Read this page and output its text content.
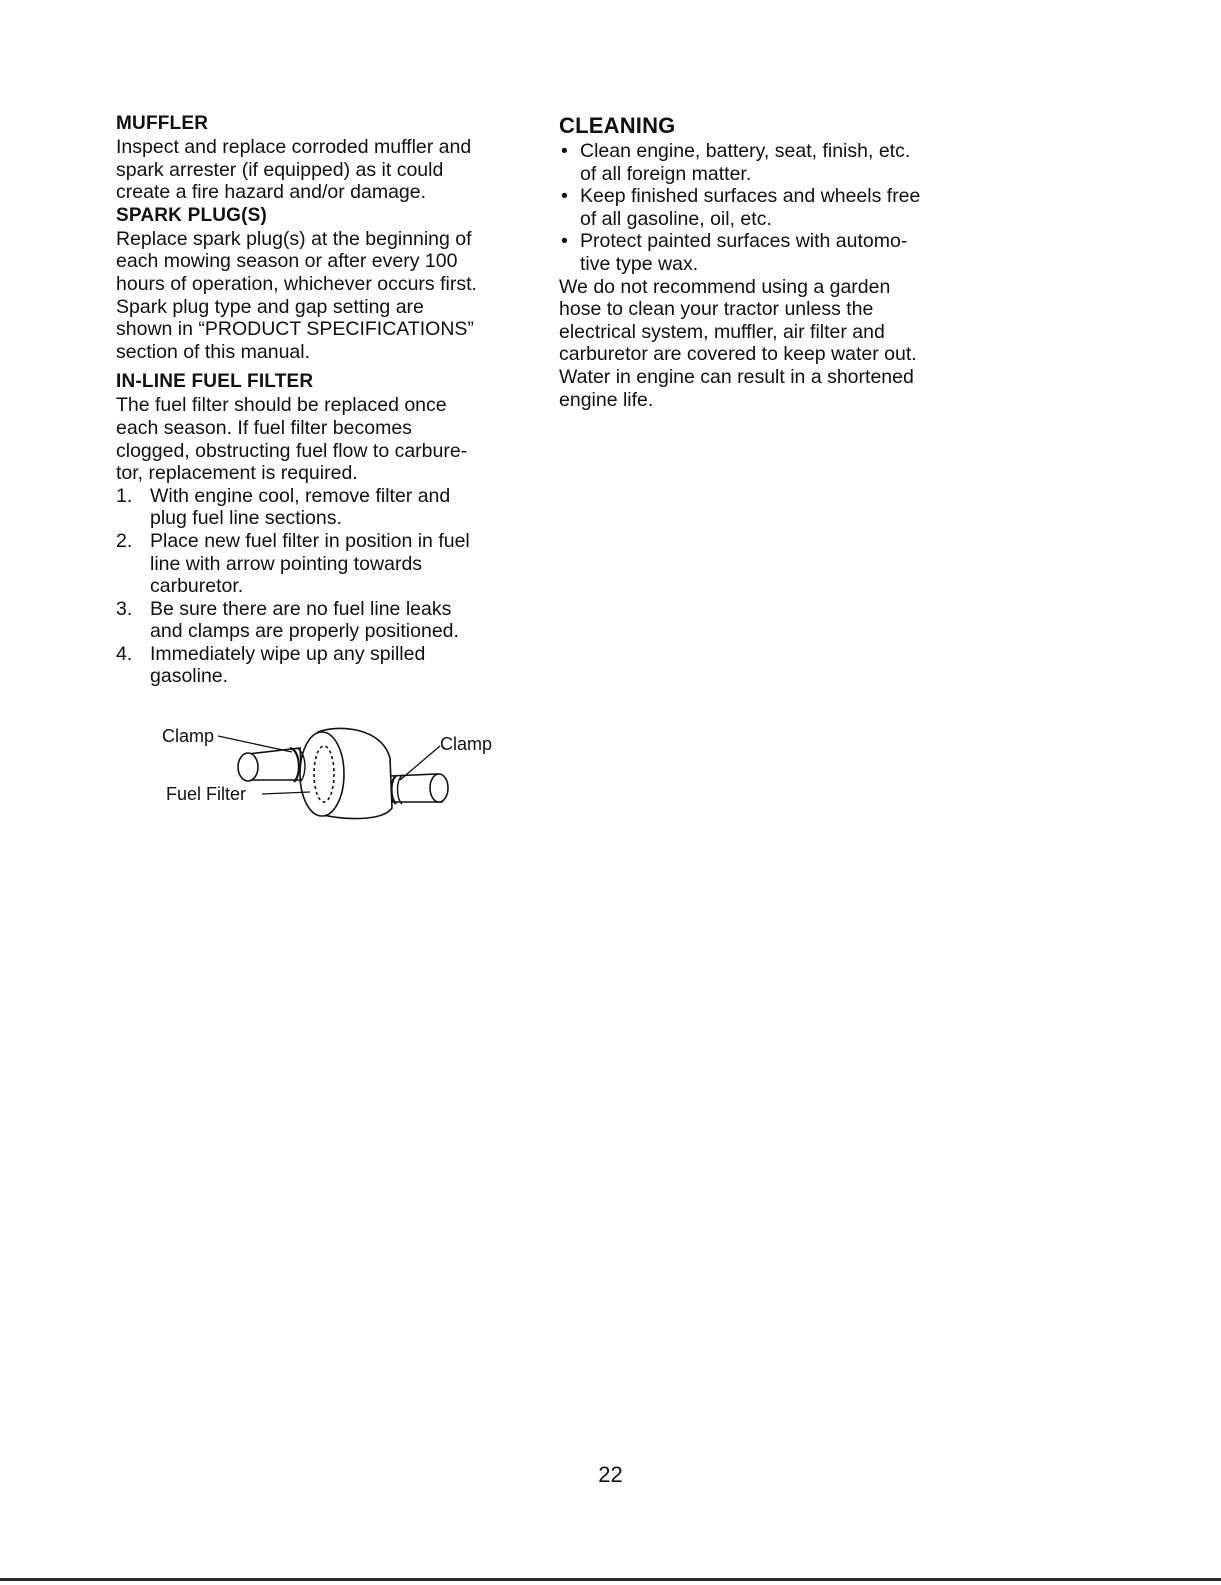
MUFFLER

Inspect and replace corroded muffler and

spark arrester (if equipped) as it could

create a fire hazard and/or damage.

SPARK PLUG(S)

Replace spark plug(s) at the beginning of

each mowing season or after every 100

hours of operation, whichever occurs first.

Spark plug type and gap setting are

shown in “PRODUCT SPECIFICATIONS”

section of this manual.

IN-LINE FUEL FILTER

The fuel filter should be replaced once

each season. If fuel filter becomes

clogged, obstructing fuel flow to carbure-

tor, replacement is required.

1. With engine cool, remove filter and
plug fuel line sections.
2. Place new fuel filter in position in fuel
line with arrow pointing towards
carburetor.
3. Be sure there are no fuel line leaks
and clamps are properly positioned.
4. Immediately wipe up any spilled
gasoline.
Clamp	Clamp
Fuel Filter
CLEANING
• Clean engine, battery, seat, finish, etc.
of all foreign matter.
• Keep finished surfaces and wheels free
of all gasoline, oil, etc.
• Protect painted surfaces with automo-
tive type wax.

We do not recommend using a garden

hose to clean your tractor unless the

electrical system, muffler, air filter and

carburetor are covered to keep water out.

Water in engine can result in a shortened

engine life.

22
